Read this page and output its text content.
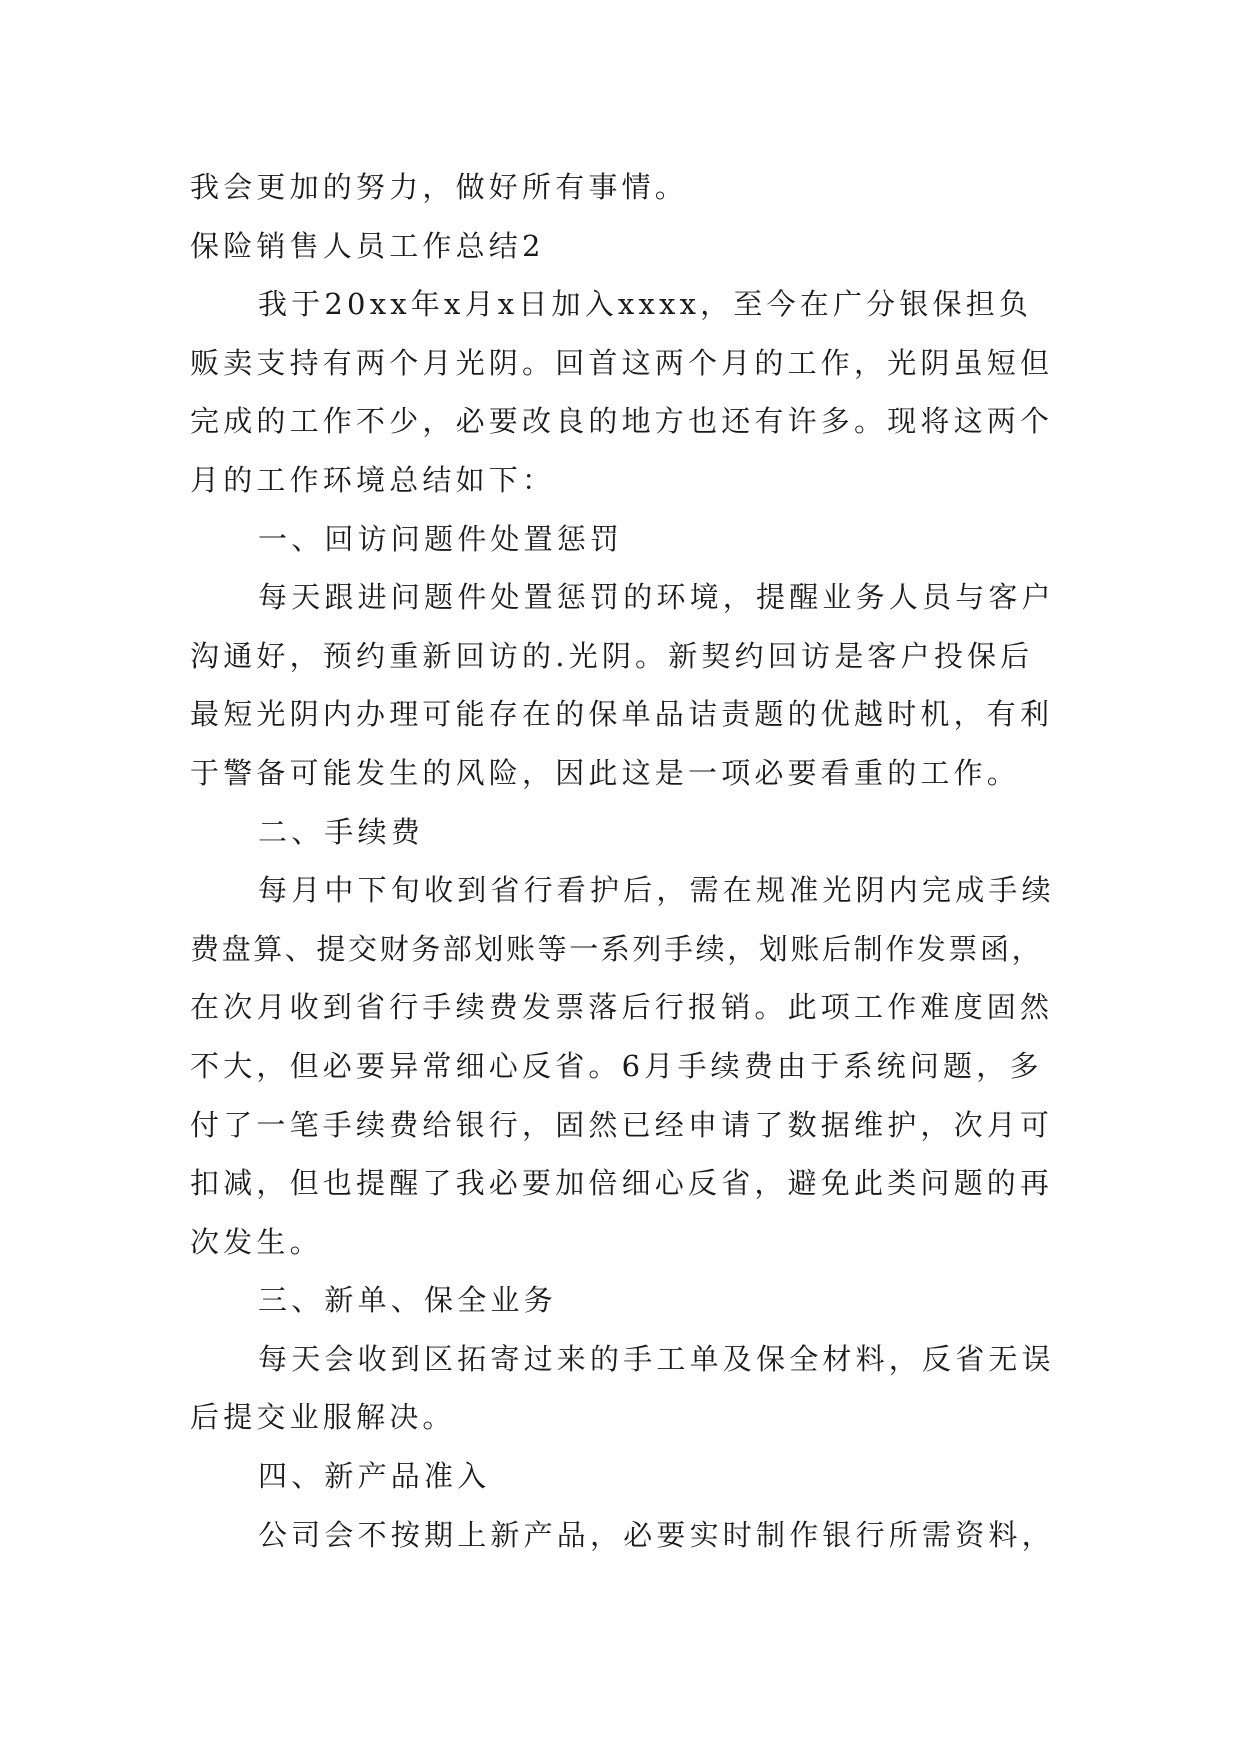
我会更加的努力，做好所有事情。
保险销售人员工作总结2
我于20xx年x月x日加入xxxx，至今在广分银保担负
贩卖支持有两个月光阴。回首这两个月的工作，光阴虽短但
完成的工作不少，必要改良的地方也还有许多。现将这两个
月的工作环境总结如下：
一、回访问题件处置惩罚
每天跟进问题件处置惩罚的环境，提醒业务人员与客户
沟通好，预约重新回访的.光阴。新契约回访是客户投保后
最短光阴内办理可能存在的保单品诘责题的优越时机，有利
于警备可能发生的风险，因此这是一项必要看重的工作。
二、手续费
每月中下旬收到省行看护后，需在规准光阴内完成手续
费盘算、提交财务部划账等一系列手续，划账后制作发票函，
在次月收到省行手续费发票落后行报销。此项工作难度固然
不大，但必要异常细心反省。6月手续费由于系统问题，多
付了一笔手续费给银行，固然已经申请了数据维护，次月可
扣减，但也提醒了我必要加倍细心反省，避免此类问题的再
次发生。
三、新单、保全业务
每天会收到区拓寄过来的手工单及保全材料，反省无误
后提交业服解决。
四、新产品准入
公司会不按期上新产品，必要实时制作银行所需资料，
